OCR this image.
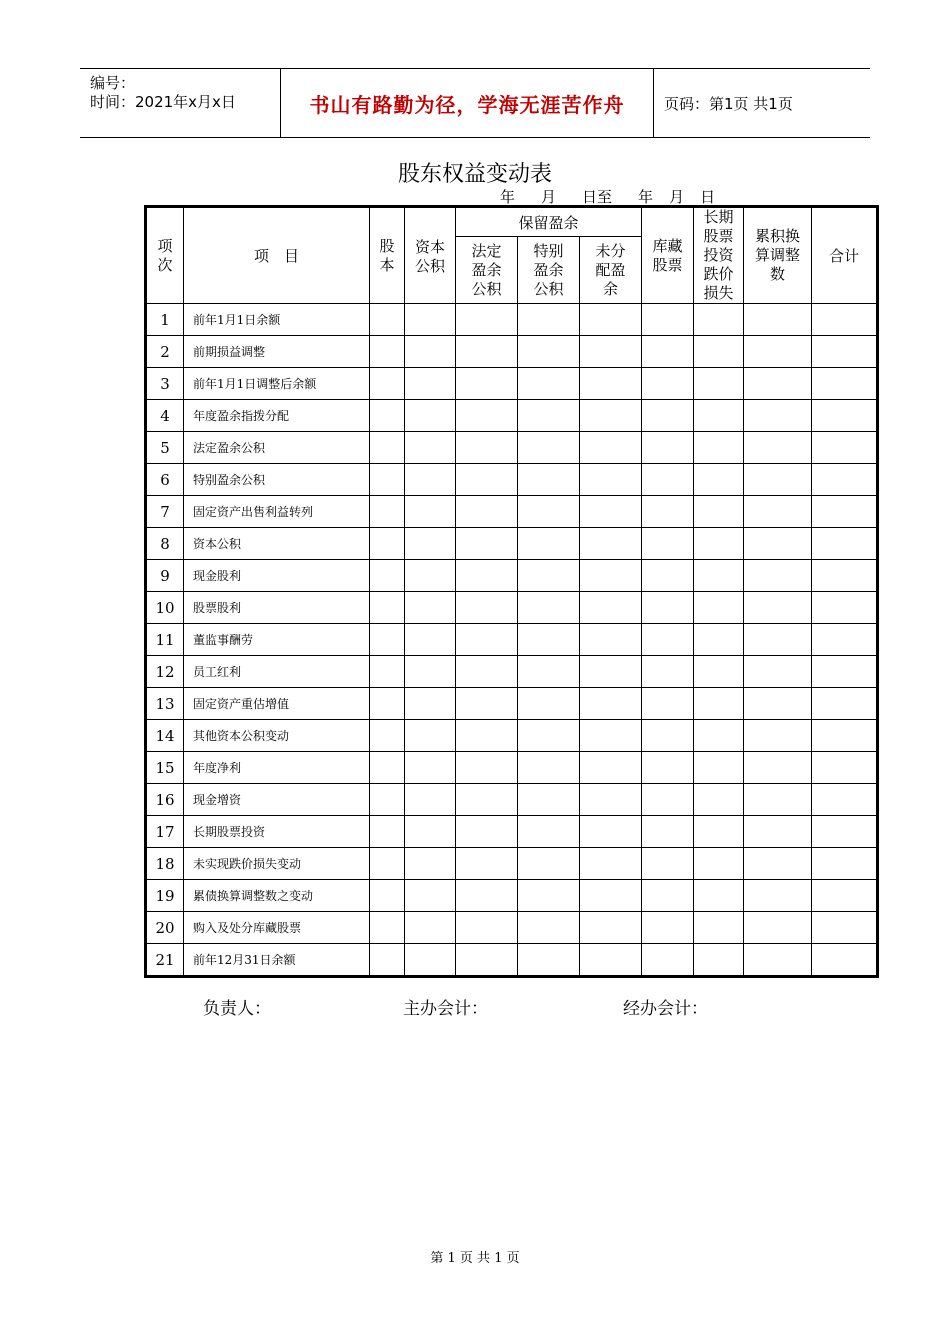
编号：
时间：2021年x月x日	书山有路勤为径，学海无涯苦作舟	页码：第1页 共1页
股东权益变动表
年 月 日至 年 月 日
项次	项　目	股本	资本公积	保留盈余			库藏股票	长期股票投资跌价损失	累积换算调整数	合计

				法定盈余公积	特别盈余公积	未分配盈余				

1	前年1月1日余额									
2	前期损益调整									
3	前年1月1日调整后余额									
4	年度盈余指拨分配									
5	法定盈余公积									
6	特别盈余公积									
7	固定资产出售利益转列									
8	资本公积									
9	现金股利									
10	股票股利									
11	董监事酬劳									
12	员工红利									
13	固定资产重估增值									
14	其他资本公积变动									
15	年度净利									
16	现金增资									
17	长期股票投资									
18	未实现跌价损失变动									
19	累债换算调整数之变动									
20	购入及处分库藏股票									
21	前年12月31日余额									
负责人：	主办会计：	经办会计：
第 1 页 共 1 页
